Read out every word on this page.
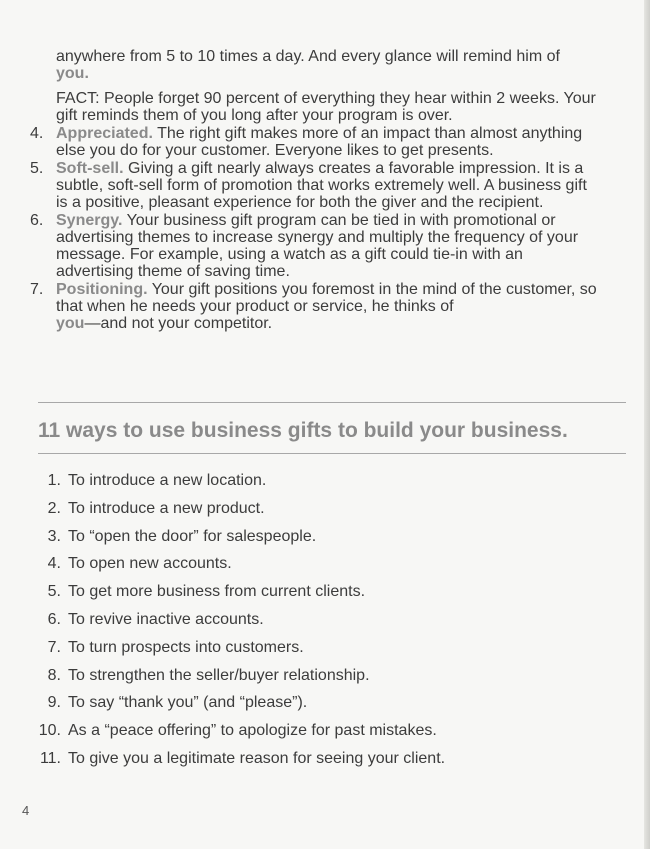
anywhere from 5 to 10 times a day. And every glance will remind him of
you.

FACT: People forget 90 percent of everything they hear within 2 weeks. Your gift reminds them of you long after your program is over.

4. Appreciated. The right gift makes more of an impact than almost anything else you do for your customer. Everyone likes to get presents.
5. Soft-sell. Giving a gift nearly always creates a favorable impression. It is a subtle, soft-sell form of promotion that works extremely well. A business gift is a positive, pleasant experience for both the giver and the recipient.
6. Synergy. Your business gift program can be tied in with promotional or advertising themes to increase synergy and multiply the frequency of your message. For example, using a watch as a gift could tie-in with an advertising theme of saving time.
7. Positioning. Your gift positions you foremost in the mind of the customer, so that when he needs your product or service, he thinks of
you—and not your competitor.
11 ways to use business gifts to build your business.
1. To introduce a new location.
2. To introduce a new product.
3. To “open the door” for salespeople.
4. To open new accounts.
5. To get more business from current clients.
6. To revive inactive accounts.
7. To turn prospects into customers.
8. To strengthen the seller/buyer relationship.
9. To say “thank you” (and “please”).
10. As a “peace offering” to apologize for past mistakes.
11. To give you a legitimate reason for seeing your client.
4
